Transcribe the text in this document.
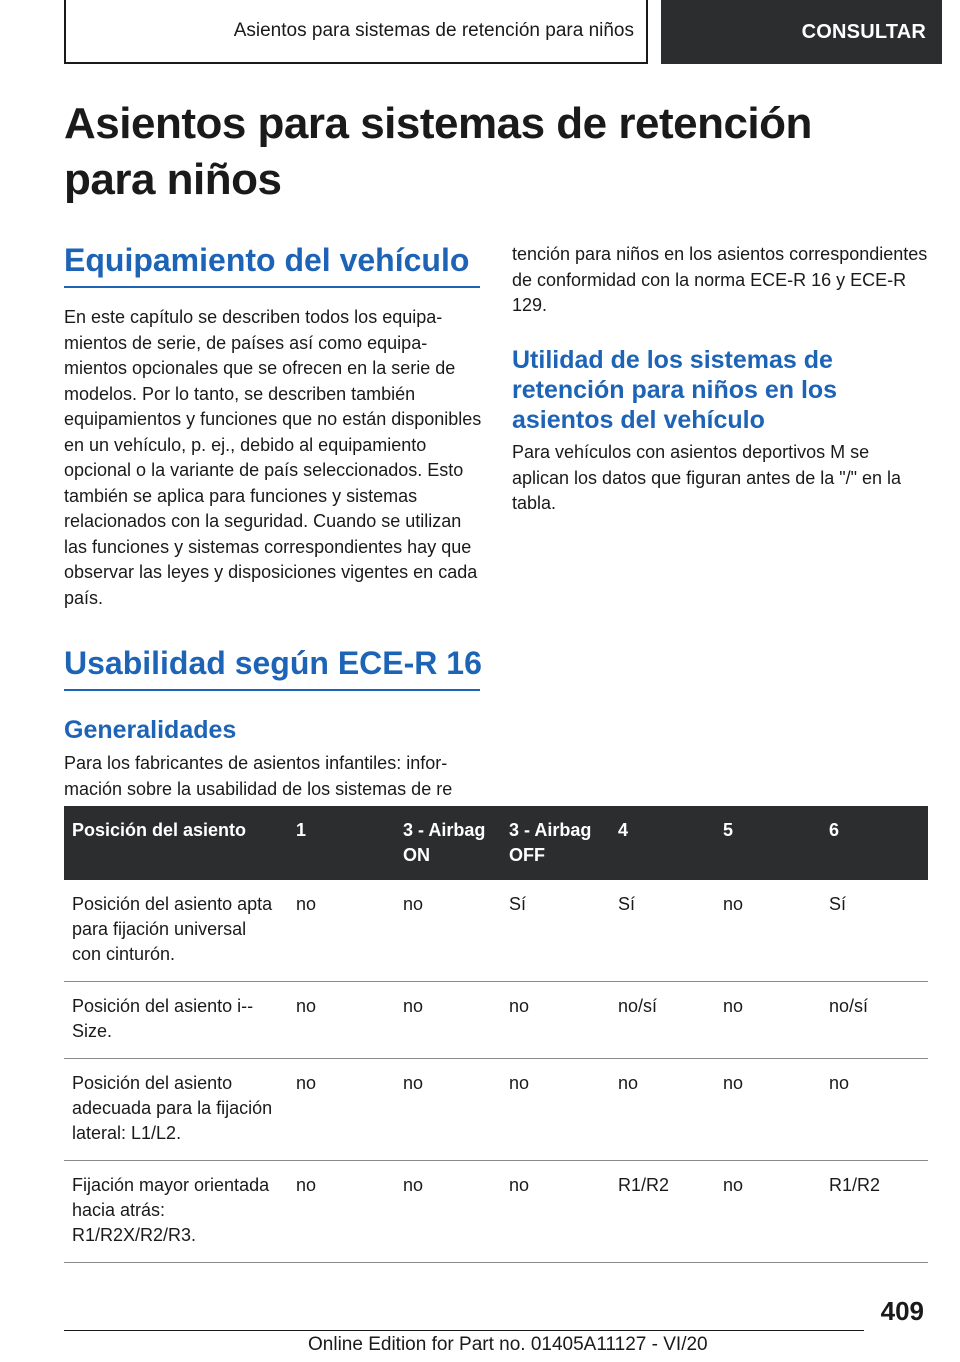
Asientos para sistemas de retención para niños	CONSULTAR
Asientos para sistemas de retención para niños
Equipamiento del vehículo

En este capítulo se describen todos los equipamientos de serie, de países así como equipamientos opcionales que se ofrecen en la serie de modelos. Por lo tanto, se describen también equipamientos y funciones que no están disponibles en un vehículo, p. ej., debido al equipamiento opcional o la variante de país seleccionados. Esto también se aplica para funciones y sistemas relacionados con la seguridad. Cuando se utilizan las funciones y sistemas correspondientes hay que observar las leyes y disposiciones vigentes en cada país.

Usabilidad según ECE-R 16
Generalidades

Para los fabricantes de asientos infantiles: información sobre la usabilidad de los sistemas de re

tención para niños en los asientos correspondientes de conformidad con la norma ECE-R 16 y ECE-R 129.

Utilidad de los sistemas de retención para niños en los asientos del vehículo

Para vehículos con asientos deportivos M se aplican los datos que figuran antes de la "/" en la tabla.

Posición del asiento	1	3 - Airbag ON	3 - Airbag OFF	4	5	6
Posición del asiento apta para fijación universal con cinturón.	no	no	Sí	Sí	no	Sí
Posición del asiento i-Size.	no	no	no	no/sí	no	no/sí
Posición del asiento adecuada para la fijación lateral: L1/L2.	no	no	no	no	no	no
Fijación mayor orientada hacia atrás: R1/R2X/R2/R3.	no	no	no	R1/R2	no	R1/R2
409
Online Edition for Part no. 01405A11127 - VI/20
